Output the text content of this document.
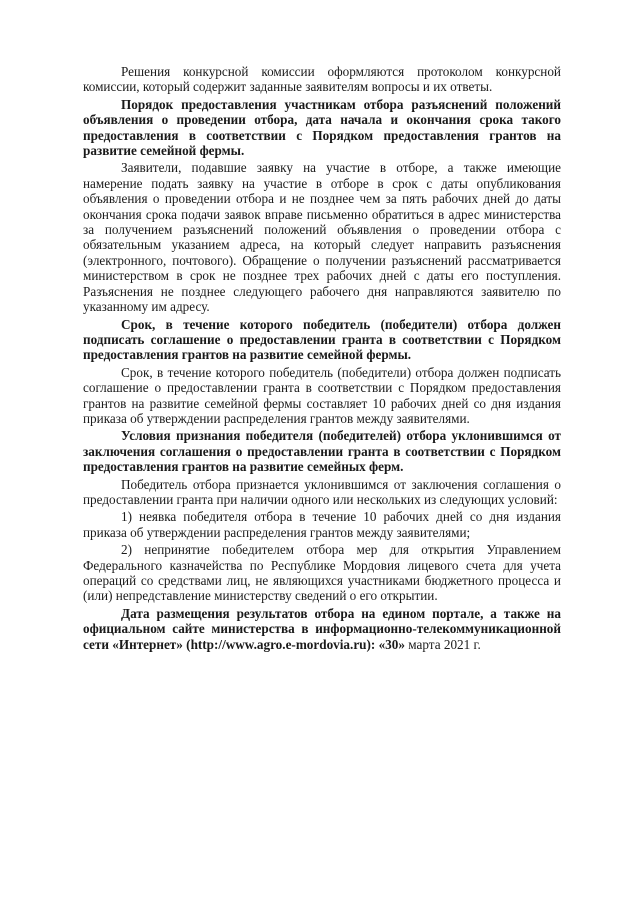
Решения конкурсной комиссии оформляются протоколом конкурсной комиссии, который содержит заданные заявителям вопросы и их ответы.

Порядок предоставления участникам отбора разъяснений положений объявления о проведении отбора, дата начала и окончания срока такого предоставления в соответствии с Порядком предоставления грантов на развитие семейной фермы.

Заявители, подавшие заявку на участие в отборе, а также имеющие намерение подать заявку на участие в отборе в срок с даты опубликования объявления о проведении отбора и не позднее чем за пять рабочих дней до даты окончания срока подачи заявок вправе письменно обратиться в адрес министерства за получением разъяснений положений объявления о проведении отбора с обязательным указанием адреса, на который следует направить разъяснения (электронного, почтового). Обращение о получении разъяснений рассматривается министерством в срок не позднее трех рабочих дней с даты его поступления. Разъяснения не позднее следующего рабочего дня направляются заявителю по указанному им адресу.

Срок, в течение которого победитель (победители) отбора должен подписать соглашение о предоставлении гранта в соответствии с Порядком предоставления грантов на развитие семейной фермы.

Срок, в течение которого победитель (победители) отбора должен подписать соглашение о предоставлении гранта в соответствии с Порядком предоставления грантов на развитие семейной фермы составляет 10 рабочих дней со дня издания приказа об утверждении распределения грантов между заявителями.

Условия признания победителя (победителей) отбора уклонившимся от заключения соглашения о предоставлении гранта в соответствии с Порядком предоставления грантов на развитие семейных ферм.

Победитель отбора признается уклонившимся от заключения соглашения о предоставлении гранта при наличии одного или нескольких из следующих условий:

1) неявка победителя отбора в течение 10 рабочих дней со дня издания приказа об утверждении распределения грантов между заявителями;

2) непринятие победителем отбора мер для открытия Управлением Федерального казначейства по Республике Мордовия лицевого счета для учета операций со средствами лиц, не являющихся участниками бюджетного процесса и (или) непредставление министерству сведений о его открытии.

Дата размещения результатов отбора на едином портале, а также на официальном сайте министерства в информационно-телекоммуникационной сети «Интернет» (http://www.agro.e-mordovia.ru): «30» марта 2021 г.
